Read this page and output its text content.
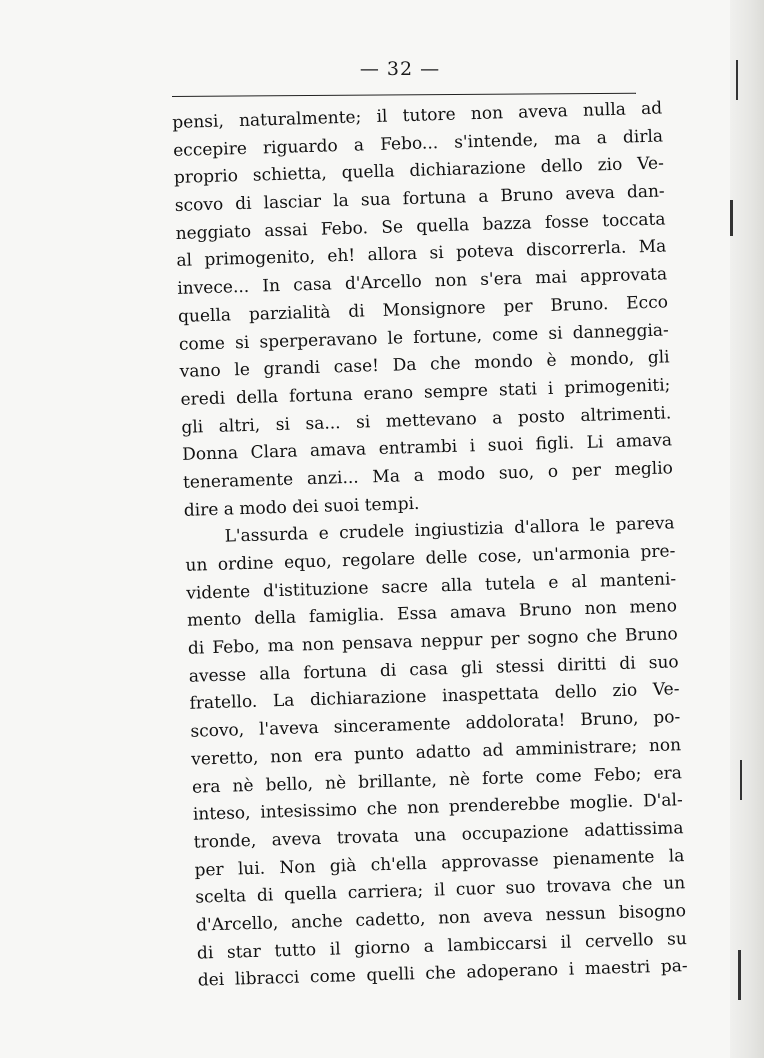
— 32 —
pensi, naturalmente; il tutore non aveva nulla ad
eccepire riguardo a Febo... s'intende, ma a dirla
proprio schietta, quella dichiarazione dello zio Ve-
scovo di lasciar la sua fortuna a Bruno aveva dan-
neggiato assai Febo. Se quella bazza fosse toccata
al primogenito, eh! allora si poteva discorrerla. Ma
invece... In casa d'Arcello non s'era mai approvata
quella parzialità di Monsignore per Bruno. Ecco
come si sperperavano le fortune, come si danneggia-
vano le grandi case! Da che mondo è mondo, gli
eredi della fortuna erano sempre stati i primogeniti;
gli altri, si sa... si mettevano a posto altrimenti.
Donna Clara amava entrambi i suoi figli. Li amava
teneramente anzi... Ma a modo suo, o per meglio
dire a modo dei suoi tempi.
L'assurda e crudele ingiustizia d'allora le pareva
un ordine equo, regolare delle cose, un'armonia pre-
vidente d'istituzione sacre alla tutela e al manteni-
mento della famiglia. Essa amava Bruno non meno
di Febo, ma non pensava neppur per sogno che Bruno
avesse alla fortuna di casa gli stessi diritti di suo
fratello. La dichiarazione inaspettata dello zio Ve-
scovo, l'aveva sinceramente addolorata! Bruno, po-
veretto, non era punto adatto ad amministrare; non
era nè bello, nè brillante, nè forte come Febo; era
inteso, intesissimo che non prenderebbe moglie. D'al-
tronde, aveva trovata una occupazione adattissima
per lui. Non già ch'ella approvasse pienamente la
scelta di quella carriera; il cuor suo trovava che un
d'Arcello, anche cadetto, non aveva nessun bisogno
di star tutto il giorno a lambiccarsi il cervello su
dei libracci come quelli che adoperano i maestri pa-
